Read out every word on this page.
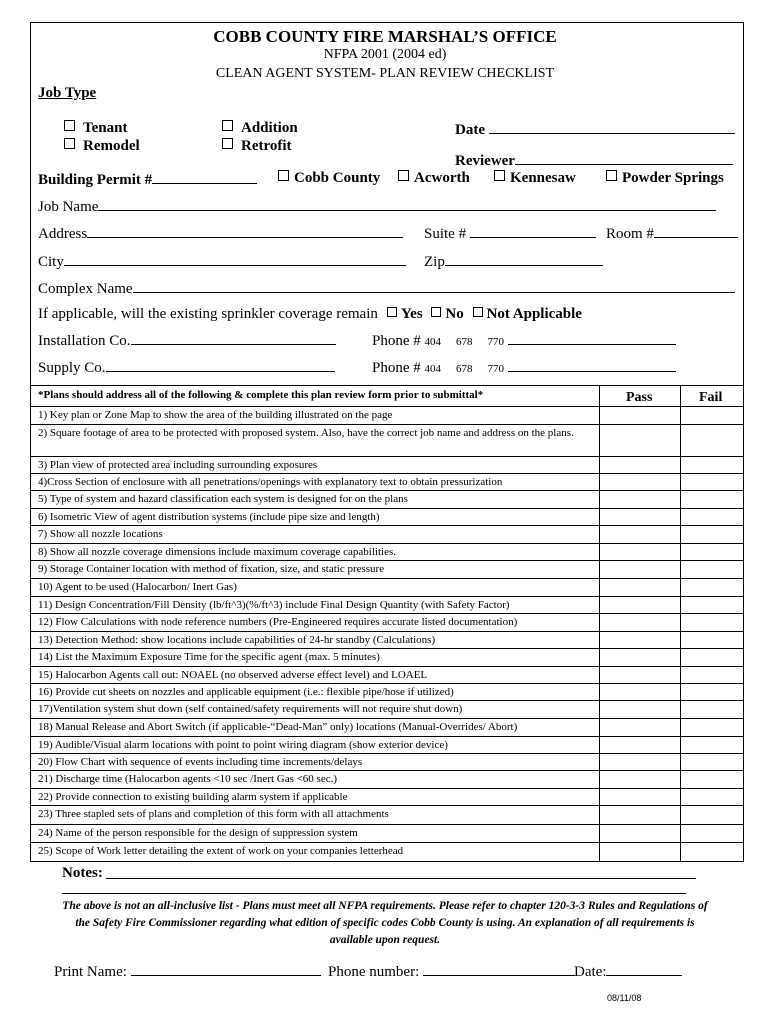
COBB COUNTY FIRE MARSHAL’S OFFICE
NFPA 2001 (2004 ed)
CLEAN AGENT SYSTEM- PLAN REVIEW CHECKLIST
Job Type
Tenant
Remodel
Addition
Retrofit
Date
Reviewer
Building Permit #	Cobb County	Acworth	Kennesaw	Powder Springs
Job Name
Address	Suite #	Room #
City	Zip
Complex Name
If applicable, will the existing sprinkler coverage remain	Yes No Not Applicable
Installation Co.	Phone # 404 678 770
Supply Co.	Phone # 404 678 770
*Plans should address all of the following & complete this plan review form prior to submittal*	Pass	Fail
1) Key plan or Zone Map to show the area of the building illustrated on the page
2) Square footage of area to be protected with proposed system. Also, have the correct job name and address on the plans.
3) Plan view of protected area including surrounding exposures
4)Cross Section of enclosure with all penetrations/openings with explanatory text to obtain pressurization
5) Type of system and hazard classification each system is designed for on the plans
6) Isometric View of agent distribution systems (include pipe size and length)
7) Show all nozzle locations
8) Show all nozzle coverage dimensions include maximum coverage capabilities.
9) Storage Container location with method of fixation, size, and static pressure
10) Agent to be used (Halocarbon/ Inert Gas)
11) Design Concentration/Fill Density (lb/ft^3)(%/ft^3) include Final Design Quantity (with Safety Factor)
12) Flow Calculations with node reference numbers (Pre-Engineered requires accurate listed documentation)
13) Detection Method: show locations include capabilities of 24-hr standby (Calculations)
14) List the Maximum Exposure Time for the specific agent (max. 5 minutes)
15) Halocarbon Agents call out: NOAEL (no observed adverse effect level) and LOAEL
16) Provide cut sheets on nozzles and applicable equipment (i.e.: flexible pipe/hose if utilized)
17)Ventilation system shut down (self contained/safety requirements will not require shut down)
18) Manual Release and Abort Switch (if applicable-“Dead-Man” only) locations (Manual-Overrides/ Abort)
19) Audible/Visual alarm locations with point to point wiring diagram (show exterior device)
20) Flow Chart with sequence of events including time increments/delays
21) Discharge time (Halocarbon agents <10 sec /Inert Gas <60 sec.)
22) Provide connection to existing building alarm system if applicable
23) Three stapled sets of plans and completion of this form with all attachments
24) Name of the person responsible for the design of suppression system
25) Scope of Work letter detailing the extent of work on your companies letterhead
Notes:
The above is not an all-inclusive list - Plans must meet all NFPA requirements. Please refer to chapter 120-3-3 Rules and Regulations of the Safety Fire Commissioner regarding what edition of specific codes Cobb County is using. An explanation of all requirements is available upon request.
Print Name:	Phone number:	Date:
08/11/08
